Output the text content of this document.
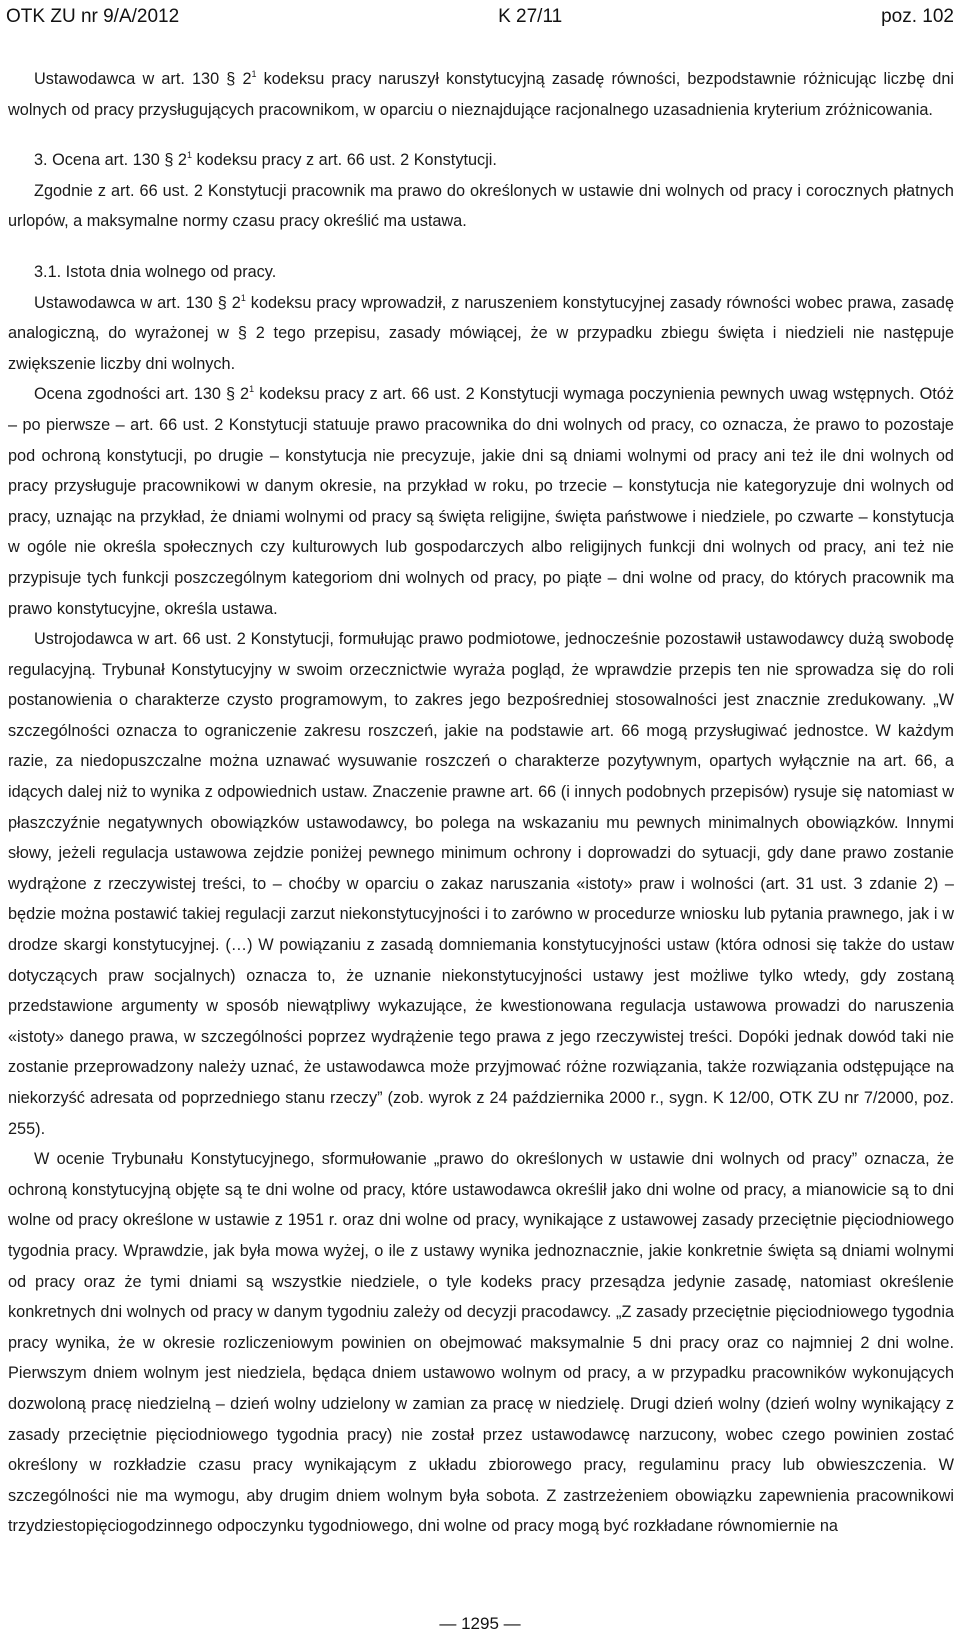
OTK ZU nr 9/A/2012	K 27/11	poz. 102

Ustawodawca w art. 130 § $2^1$ kodeksu pracy naruszył konstytucyjną zasadę równości, bezpodstawnie różnicując liczbę dni wolnych od pracy przysługujących pracownikom, w oparciu o nieznajdujące racjonalnego uzasadnienia kryterium zróżnicowania.

3. Ocena art. 130 § $2^1$ kodeksu pracy z art. 66 ust. 2 Konstytucji.

Zgodnie z art. 66 ust. 2 Konstytucji pracownik ma prawo do określonych w ustawie dni wolnych od pracy i corocznych płatnych urlopów, a maksymalne normy czasu pracy określić ma ustawa.

3.1. Istota dnia wolnego od pracy.

Ustawodawca w art. 130 § $2^1$ kodeksu pracy wprowadził, z naruszeniem konstytucyjnej zasady równości wobec prawa, zasadę analogiczną, do wyrażonej w § 2 tego przepisu, zasady mówiącej, że w przypadku zbiegu święta i niedzieli nie następuje zwiększenie liczby dni wolnych.

Ocena zgodności art. 130 § $2^1$ kodeksu pracy z art. 66 ust. 2 Konstytucji wymaga poczynienia pewnych uwag wstępnych. Otóż – po pierwsze – art. 66 ust. 2 Konstytucji statuuje prawo pracownika do dni wolnych od pracy, co oznacza, że prawo to pozostaje pod ochroną konstytucji, po drugie – konstytucja nie precyzuje, jakie dni są dniami wolnymi od pracy ani też ile dni wolnych od pracy przysługuje pracownikowi w danym okresie, na przykład w roku, po trzecie – konstytucja nie kategoryzuje dni wolnych od pracy, uznając na przykład, że dniami wolnymi od pracy są święta religijne, święta państwowe i niedziele, po czwarte – konstytucja w ogóle nie określa społecznych czy kulturowych lub gospodarczych albo religijnych funkcji dni wolnych od pracy, ani też nie przypisuje tych funkcji poszczególnym kategoriom dni wolnych od pracy, po piąte – dni wolne od pracy, do których pracownik ma prawo konstytucyjne, określa ustawa.

Ustrojodawca w art. 66 ust. 2 Konstytucji, formułując prawo podmiotowe, jednocześnie pozostawił ustawodawcy dużą swobodę regulacyjną. Trybunał Konstytucyjny w swoim orzecznictwie wyraża pogląd, że wprawdzie przepis ten nie sprowadza się do roli postanowienia o charakterze czysto programowym, to zakres jego bezpośredniej stosowalności jest znacznie zredukowany. „W szczególności oznacza to ograniczenie zakresu roszczeń, jakie na podstawie art. 66 mogą przysługiwać jednostce. W każdym razie, za niedopuszczalne można uznawać wysuwanie roszczeń o charakterze pozytywnym, opartych wyłącznie na art. 66, a idących dalej niż to wynika z odpowiednich ustaw. Znaczenie prawne art. 66 (i innych podobnych przepisów) rysuje się natomiast w płaszczyźnie negatywnych obowiązków ustawodawcy, bo polega na wskazaniu mu pewnych minimalnych obowiązków. Innymi słowy, jeżeli regulacja ustawowa zejdzie poniżej pewnego minimum ochrony i doprowadzi do sytuacji, gdy dane prawo zostanie wydrążone z rzeczywistej treści, to – choćby w oparciu o zakaz naruszania «istoty» praw i wolności (art. 31 ust. 3 zdanie 2) – będzie można postawić takiej regulacji zarzut niekonstytucyjności i to zarówno w procedurze wniosku lub pytania prawnego, jak i w drodze skargi konstytucyjnej. (…) W powiązaniu z zasadą domniemania konstytucyjności ustaw (która odnosi się także do ustaw dotyczących praw socjalnych) oznacza to, że uznanie niekonstytucyjności ustawy jest możliwe tylko wtedy, gdy zostaną przedstawione argumenty w sposób niewątpliwy wykazujące, że kwestionowana regulacja ustawowa prowadzi do naruszenia «istoty» danego prawa, w szczególności poprzez wydrążenie tego prawa z jego rzeczywistej treści. Dopóki jednak dowód taki nie zostanie przeprowadzony należy uznać, że ustawodawca może przyjmować różne rozwiązania, także rozwiązania odstępujące na niekorzyść adresata od poprzedniego stanu rzeczy” (zob. wyrok z 24 października 2000 r., sygn. K 12/00, OTK ZU nr 7/2000, poz. 255).

W ocenie Trybunału Konstytucyjnego, sformułowanie „prawo do określonych w ustawie dni wolnych od pracy” oznacza, że ochroną konstytucyjną objęte są te dni wolne od pracy, które ustawodawca określił jako dni wolne od pracy, a mianowicie są to dni wolne od pracy określone w ustawie z 1951 r. oraz dni wolne od pracy, wynikające z ustawowej zasady przeciętnie pięciodniowego tygodnia pracy. Wprawdzie, jak była mowa wyżej, o ile z ustawy wynika jednoznacznie, jakie konkretnie święta są dniami wolnymi od pracy oraz że tymi dniami są wszystkie niedziele, o tyle kodeks pracy przesądza jedynie zasadę, natomiast określenie konkretnych dni wolnych od pracy w danym tygodniu zależy od decyzji pracodawcy. „Z zasady przeciętnie pięciodniowego tygodnia pracy wynika, że w okresie rozliczeniowym powinien on obejmować maksymalnie 5 dni pracy oraz co najmniej 2 dni wolne. Pierwszym dniem wolnym jest niedziela, będąca dniem ustawowo wolnym od pracy, a w przypadku pracowników wykonujących dozwoloną pracę niedzielną – dzień wolny udzielony w zamian za pracę w niedzielę. Drugi dzień wolny (dzień wolny wynikający z zasady przeciętnie pięciodniowego tygodnia pracy) nie został przez ustawodawcę narzucony, wobec czego powinien zostać określony w rozkładzie czasu pracy wynikającym z układu zbiorowego pracy, regulaminu pracy lub obwieszczenia. W szczególności nie ma wymogu, aby drugim dniem wolnym była sobota. Z zastrzeżeniem obowiązku zapewnienia pracownikowi trzydziestopięciogodzinnego odpoczynku tygodniowego, dni wolne od pracy mogą być rozkładane równomiernie na

— 1295 —
